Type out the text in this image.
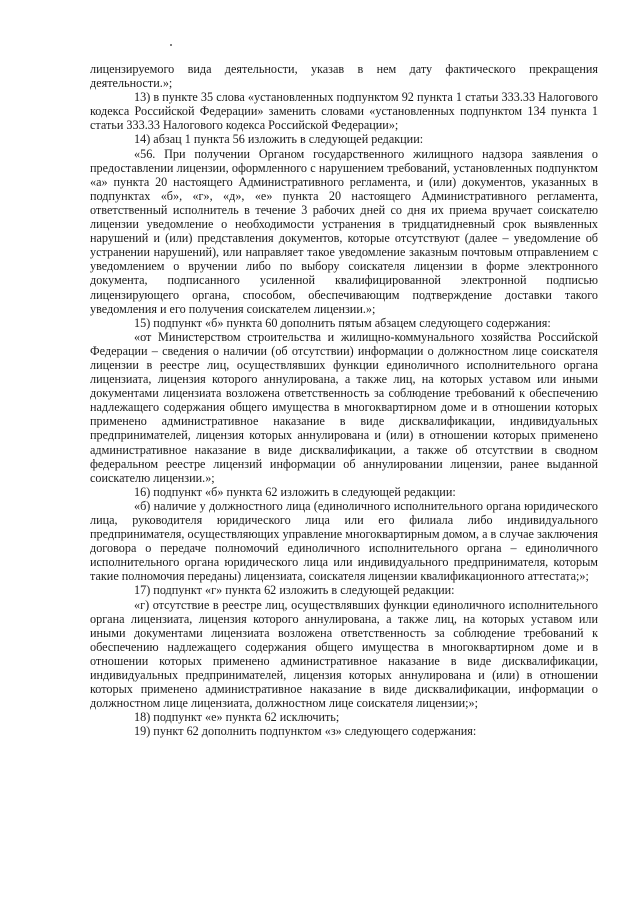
лицензируемого вида деятельности, указав в нем дату фактического прекращения деятельности.»;

13) в пункте 35 слова «установленных подпунктом 92 пункта 1 статьи 333.33 Налогового кодекса Российской Федерации» заменить словами «установленных подпунктом 134 пункта 1 статьи 333.33 Налогового кодекса Российской Федерации»;

14) абзац 1 пункта 56 изложить в следующей редакции:

«56. При получении Органом государственного жилищного надзора заявления о предоставлении лицензии, оформленного с нарушением требований, установленных подпунктом «а» пункта 20 настоящего Административного регламента, и (или) документов, указанных в подпунктах «б», «г», «д», «е» пункта 20 настоящего Административного регламента, ответственный исполнитель в течение 3 рабочих дней со дня их приема вручает соискателю лицензии уведомление о необходимости устранения в тридцатидневный срок выявленных нарушений и (или) представления документов, которые отсутствуют (далее – уведомление об устранении нарушений), или направляет такое уведомление заказным почтовым отправлением с уведомлением о вручении либо по выбору соискателя лицензии в форме электронного документа, подписанного усиленной квалифицированной электронной подписью лицензирующего органа, способом, обеспечивающим подтверждение доставки такого уведомления и его получения соискателем лицензии.»;

15) подпункт «б» пункта 60 дополнить пятым абзацем следующего содержания:

«от Министерством строительства и жилищно-коммунального хозяйства Российской Федерации – сведения о наличии (об отсутствии) информации о должностном лице соискателя лицензии в реестре лиц, осуществлявших функции единоличного исполнительного органа лицензиата, лицензия которого аннулирована, а также лиц, на которых уставом или иными документами лицензиата возложена ответственность за соблюдение требований к обеспечению надлежащего содержания общего имущества в многоквартирном доме и в отношении которых применено административное наказание в виде дисквалификации, индивидуальных предпринимателей, лицензия которых аннулирована и (или) в отношении которых применено административное наказание в виде дисквалификации, а также об отсутствии в сводном федеральном реестре лицензий информации об аннулировании лицензии, ранее выданной соискателю лицензии.»;

16) подпункт «б» пункта 62 изложить в следующей редакции:

«б) наличие у должностного лица (единоличного исполнительного органа юридического лица, руководителя юридического лица или его филиала либо индивидуального предпринимателя, осуществляющих управление многоквартирным домом, а в случае заключения договора о передаче полномочий единоличного исполнительного органа – единоличного исполнительного органа юридического лица или индивидуального предпринимателя, которым такие полномочия переданы) лицензиата, соискателя лицензии квалификационного аттестата;»;

17) подпункт «г» пункта 62 изложить в следующей редакции:

«г) отсутствие в реестре лиц, осуществлявших функции единоличного исполнительного органа лицензиата, лицензия которого аннулирована, а также лиц, на которых уставом или иными документами лицензиата возложена ответственность за соблюдение требований к обеспечению надлежащего содержания общего имущества в многоквартирном доме и в отношении которых применено административное наказание в виде дисквалификации, индивидуальных предпринимателей, лицензия которых аннулирована и (или) в отношении которых применено административное наказание в виде дисквалификации, информации о должностном лице лицензиата, должностном лице соискателя лицензии;»;

18) подпункт «е» пункта 62 исключить;

19) пункт 62 дополнить подпунктом «з» следующего содержания:
